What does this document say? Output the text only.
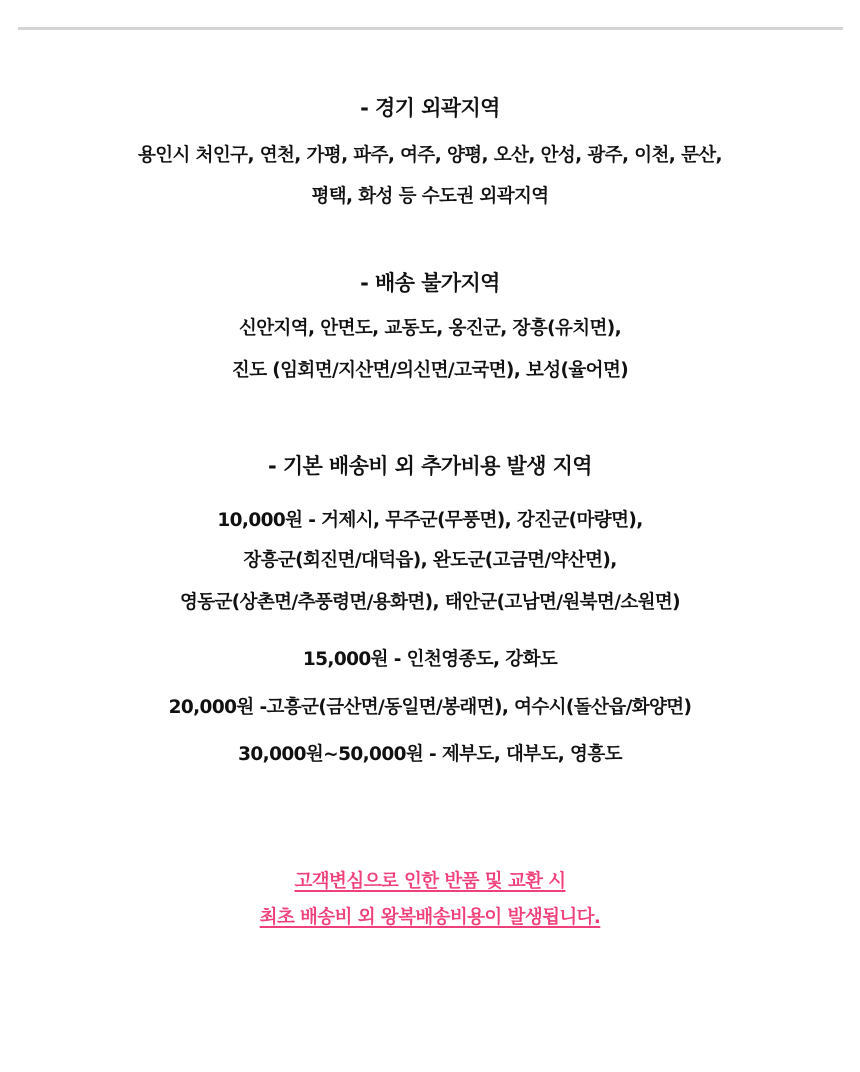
- 경기 외곽지역
용인시 처인구, 연천, 가평, 파주, 여주, 양평, 오산, 안성, 광주, 이천, 문산,
평택, 화성 등 수도권 외곽지역
- 배송 불가지역
신안지역, 안면도, 교동도, 옹진군, 장흥(유치면),
진도 (임회면/지산면/의신면/고국면), 보성(율어면)
- 기본 배송비 외 추가비용 발생 지역
10,000원 - 거제시, 무주군(무풍면), 강진군(마량면),
장흥군(회진면/대덕읍), 완도군(고금면/약산면),
영동군(상촌면/추풍령면/용화면), 태안군(고남면/원북면/소원면)
15,000원 - 인천영종도, 강화도
20,000원 -고흥군(금산면/동일면/봉래면), 여수시(돌산읍/화양면)
30,000원~50,000원 - 제부도, 대부도, 영흥도
고객변심으로 인한 반품 및 교환 시
최초 배송비 외 왕복배송비용이 발생됩니다.
